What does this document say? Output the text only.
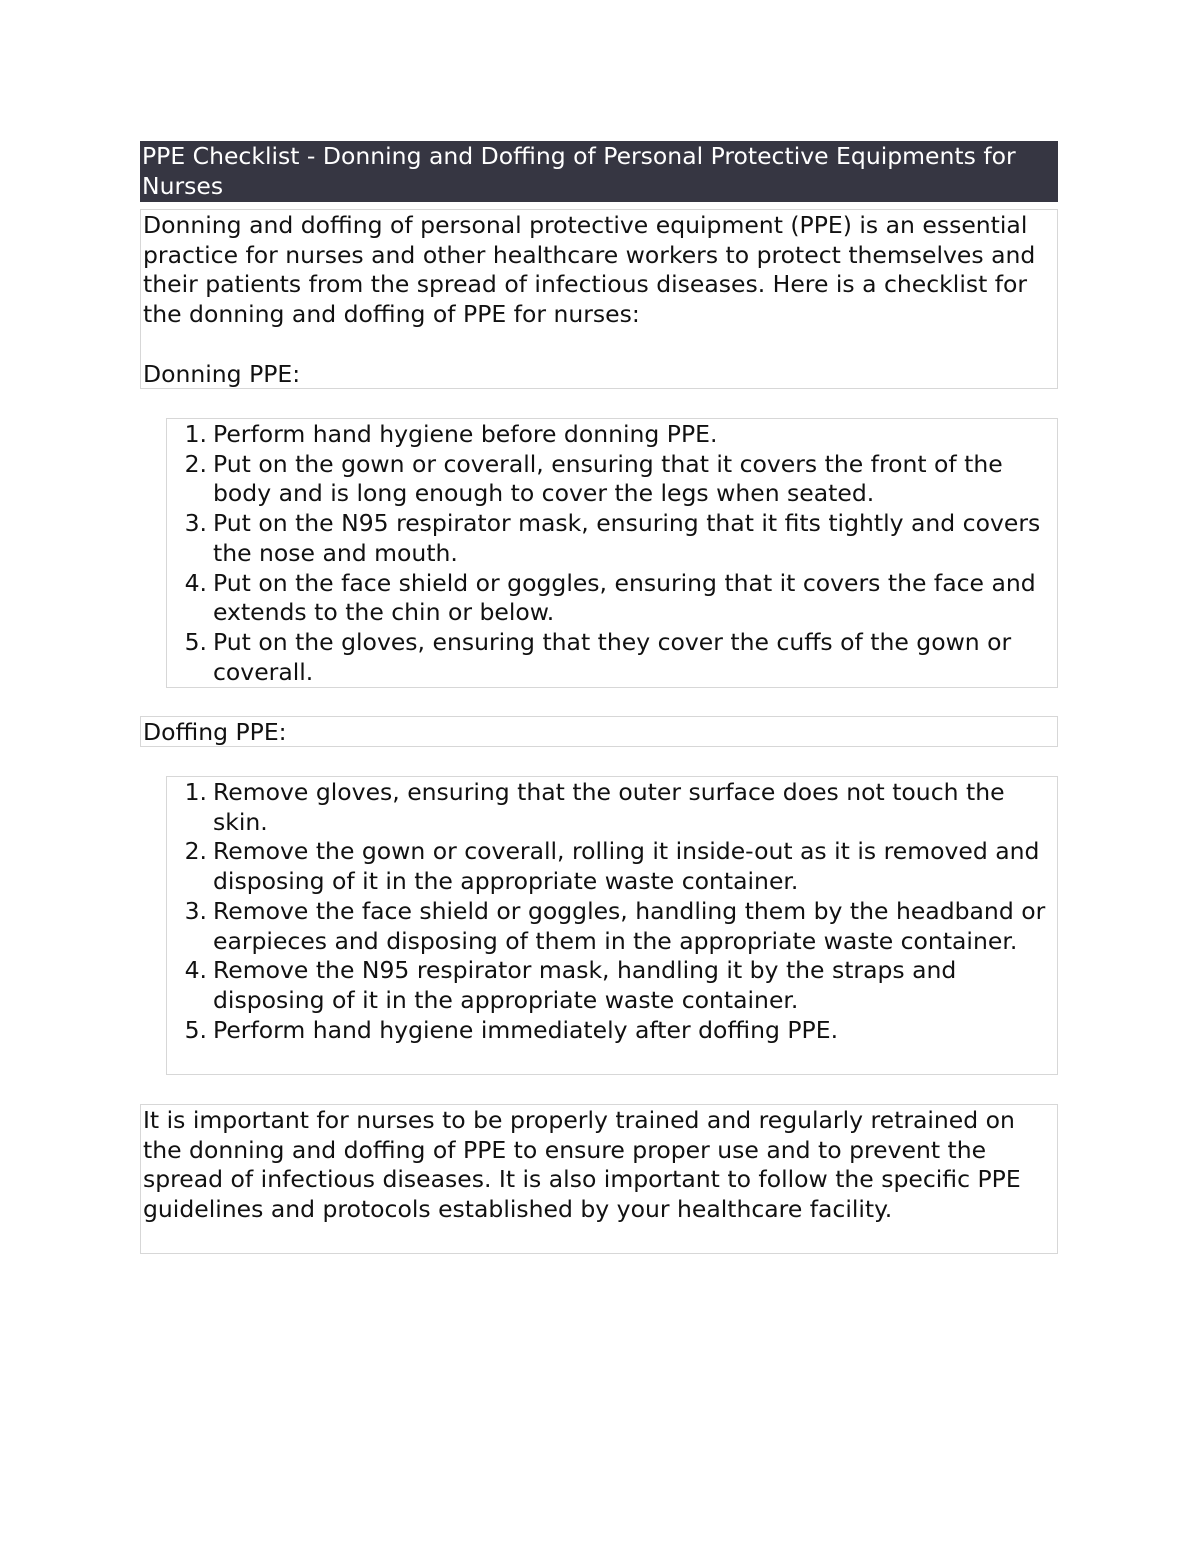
PPE Checklist - Donning and Doffing of Personal Protective Equipments for Nurses

Donning and doffing of personal protective equipment (PPE) is an essential practice for nurses and other healthcare workers to protect themselves and their patients from the spread of infectious diseases. Here is a checklist for the donning and doffing of PPE for nurses:

Donning PPE:

1. Perform hand hygiene before donning PPE.
2. Put on the gown or coverall, ensuring that it covers the front of the body and is long enough to cover the legs when seated.
3. Put on the N95 respirator mask, ensuring that it fits tightly and covers the nose and mouth.
4. Put on the face shield or goggles, ensuring that it covers the face and extends to the chin or below.
5. Put on the gloves, ensuring that they cover the cuffs of the gown or coverall.

Doffing PPE:

1. Remove gloves, ensuring that the outer surface does not touch the skin.
2. Remove the gown or coverall, rolling it inside-out as it is removed and disposing of it in the appropriate waste container.
3. Remove the face shield or goggles, handling them by the headband or earpieces and disposing of them in the appropriate waste container.
4. Remove the N95 respirator mask, handling it by the straps and disposing of it in the appropriate waste container.
5. Perform hand hygiene immediately after doffing PPE.

It is important for nurses to be properly trained and regularly retrained on the donning and doffing of PPE to ensure proper use and to prevent the spread of infectious diseases. It is also important to follow the specific PPE guidelines and protocols established by your healthcare facility.
